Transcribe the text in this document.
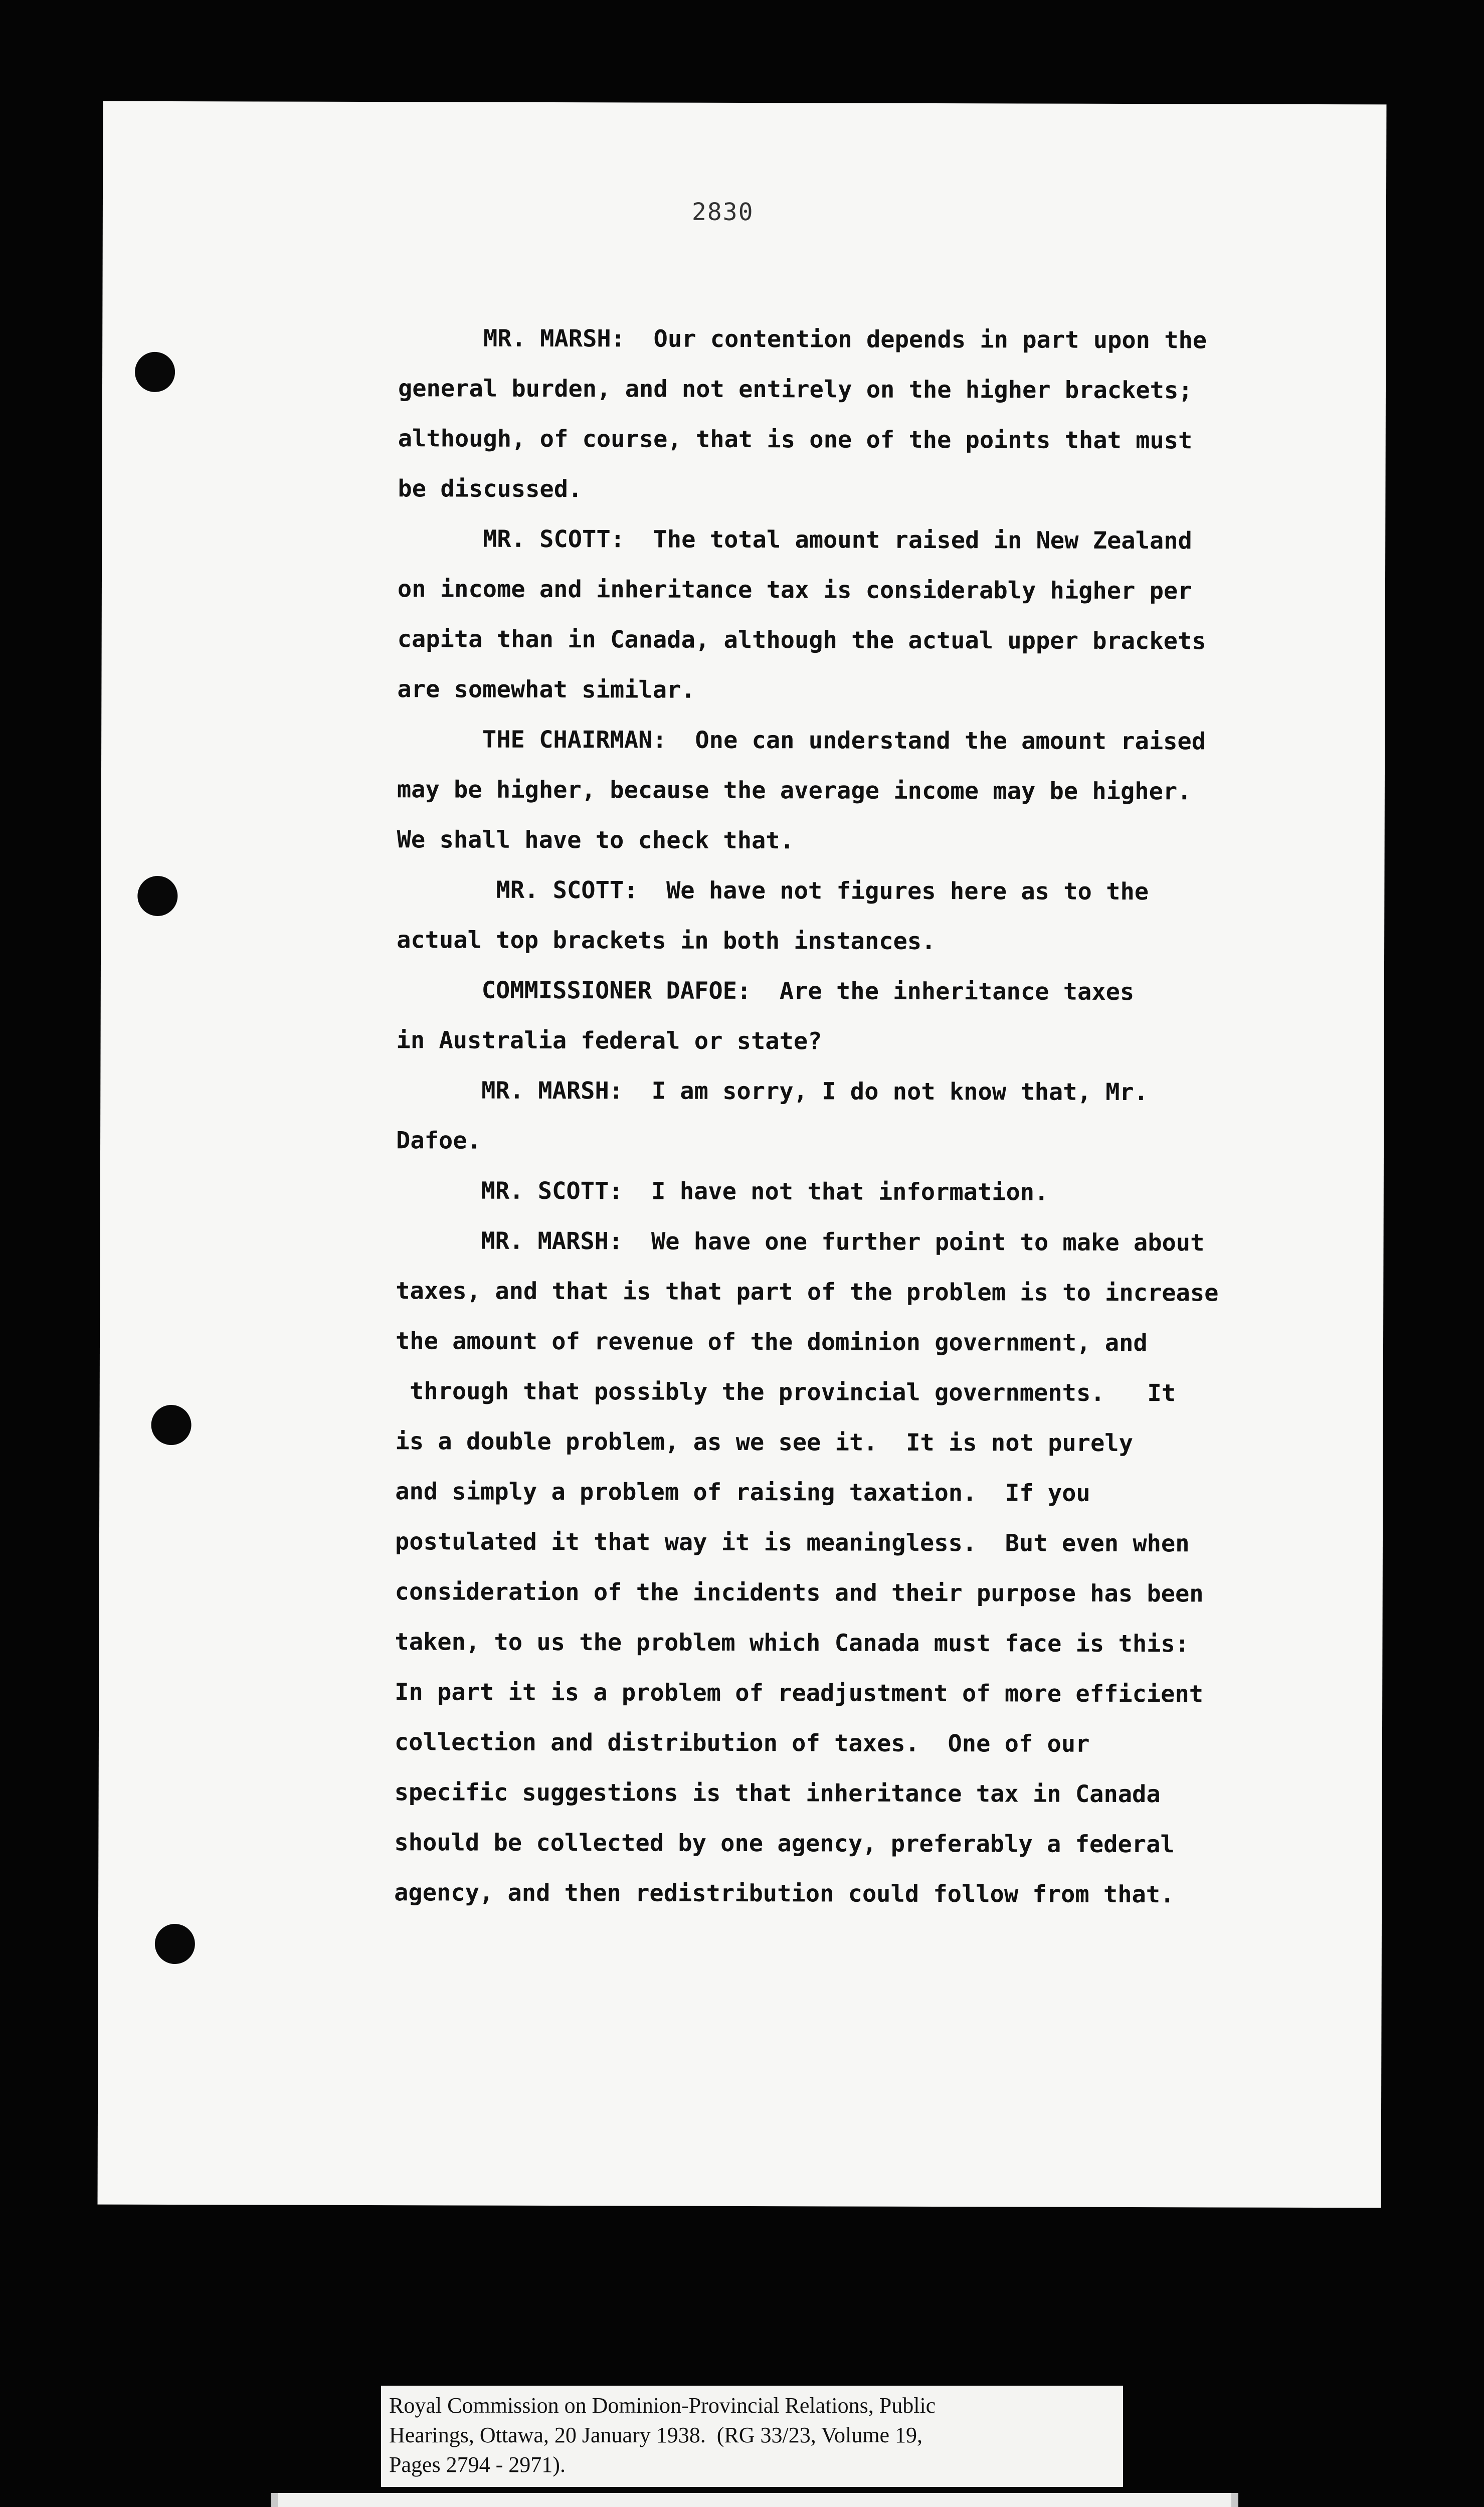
2830
MR. MARSH:  Our contention depends in part upon the
general burden, and not entirely on the higher brackets;
although, of course, that is one of the points that must
be discussed.
MR. SCOTT:  The total amount raised in New Zealand
on income and inheritance tax is considerably higher per
capita than in Canada, although the actual upper brackets
are somewhat similar.
THE CHAIRMAN:  One can understand the amount raised
may be higher, because the average income may be higher.
We shall have to check that.
MR. SCOTT:  We have not figures here as to the
actual top brackets in both instances.
COMMISSIONER DAFOE:  Are the inheritance taxes
in Australia federal or state?
MR. MARSH:  I am sorry, I do not know that, Mr.
Dafoe.
MR. SCOTT:  I have not that information.
MR. MARSH:  We have one further point to make about
taxes, and that is that part of the problem is to increase
the amount of revenue of the dominion government, and
through that possibly the provincial governments.   It
is a double problem, as we see it.  It is not purely
and simply a problem of raising taxation.  If you
postulated it that way it is meaningless.  But even when
consideration of the incidents and their purpose has been
taken, to us the problem which Canada must face is this:
In part it is a problem of readjustment of more efficient
collection and distribution of taxes.  One of our
specific suggestions is that inheritance tax in Canada
should be collected by one agency, preferably a federal
agency, and then redistribution could follow from that.
Royal Commission on Dominion-Provincial Relations, Public
Hearings, Ottawa, 20 January 1938.  (RG 33/23, Volume 19,
Pages 2794 - 2971).
